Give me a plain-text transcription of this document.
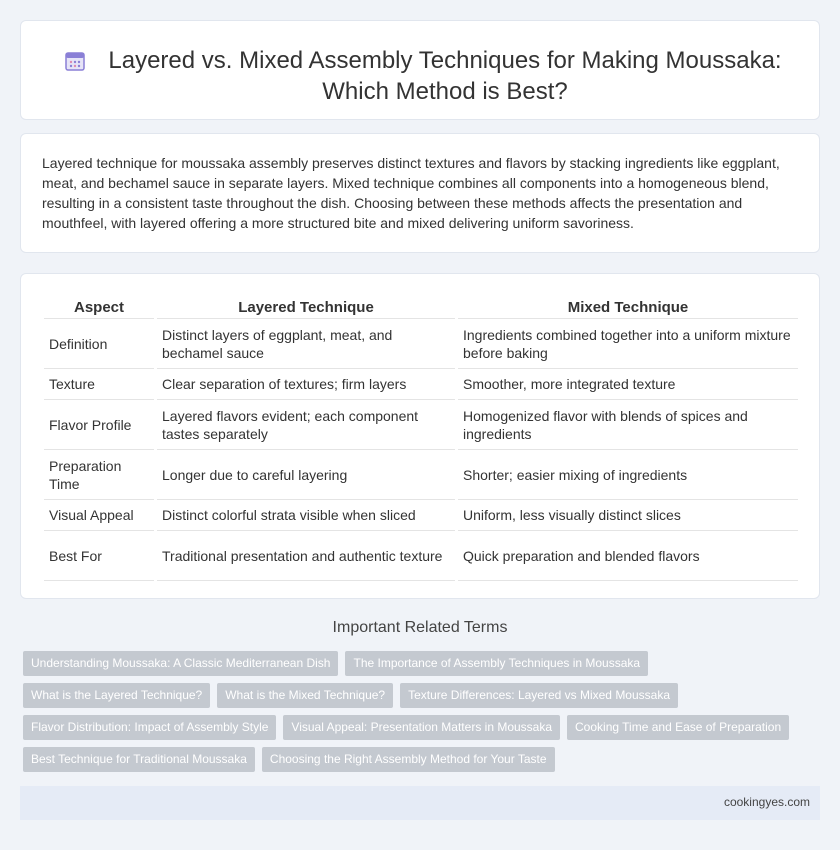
Layered vs. Mixed Assembly Techniques for Making Moussaka: Which Method is Best?

Layered technique for moussaka assembly preserves distinct textures and flavors by stacking ingredients like eggplant, meat, and bechamel sauce in separate layers. Mixed technique combines all components into a homogeneous blend, resulting in a consistent taste throughout the dish. Choosing between these methods affects the presentation and mouthfeel, with layered offering a more structured bite and mixed delivering uniform savoriness.

Aspect	Layered Technique	Mixed Technique
Definition	Distinct layers of eggplant, meat, and bechamel sauce	Ingredients combined together into a uniform mixture before baking
Texture	Clear separation of textures; firm layers	Smoother, more integrated texture
Flavor Profile	Layered flavors evident; each component tastes separately	Homogenized flavor with blends of spices and ingredients
Preparation Time	Longer due to careful layering	Shorter; easier mixing of ingredients
Visual Appeal	Distinct colorful strata visible when sliced	Uniform, less visually distinct slices
Best For	Traditional presentation and authentic texture	Quick preparation and blended flavors
Important Related Terms
Understanding Moussaka: A Classic Mediterranean Dish	The Importance of Assembly Techniques in Moussaka
What is the Layered Technique?	What is the Mixed Technique?	Texture Differences: Layered vs Mixed Moussaka
Flavor Distribution: Impact of Assembly Style	Visual Appeal: Presentation Matters in Moussaka	Cooking Time and Ease of Preparation
Best Technique for Traditional Moussaka	Choosing the Right Assembly Method for Your Taste
cookingyes.com
